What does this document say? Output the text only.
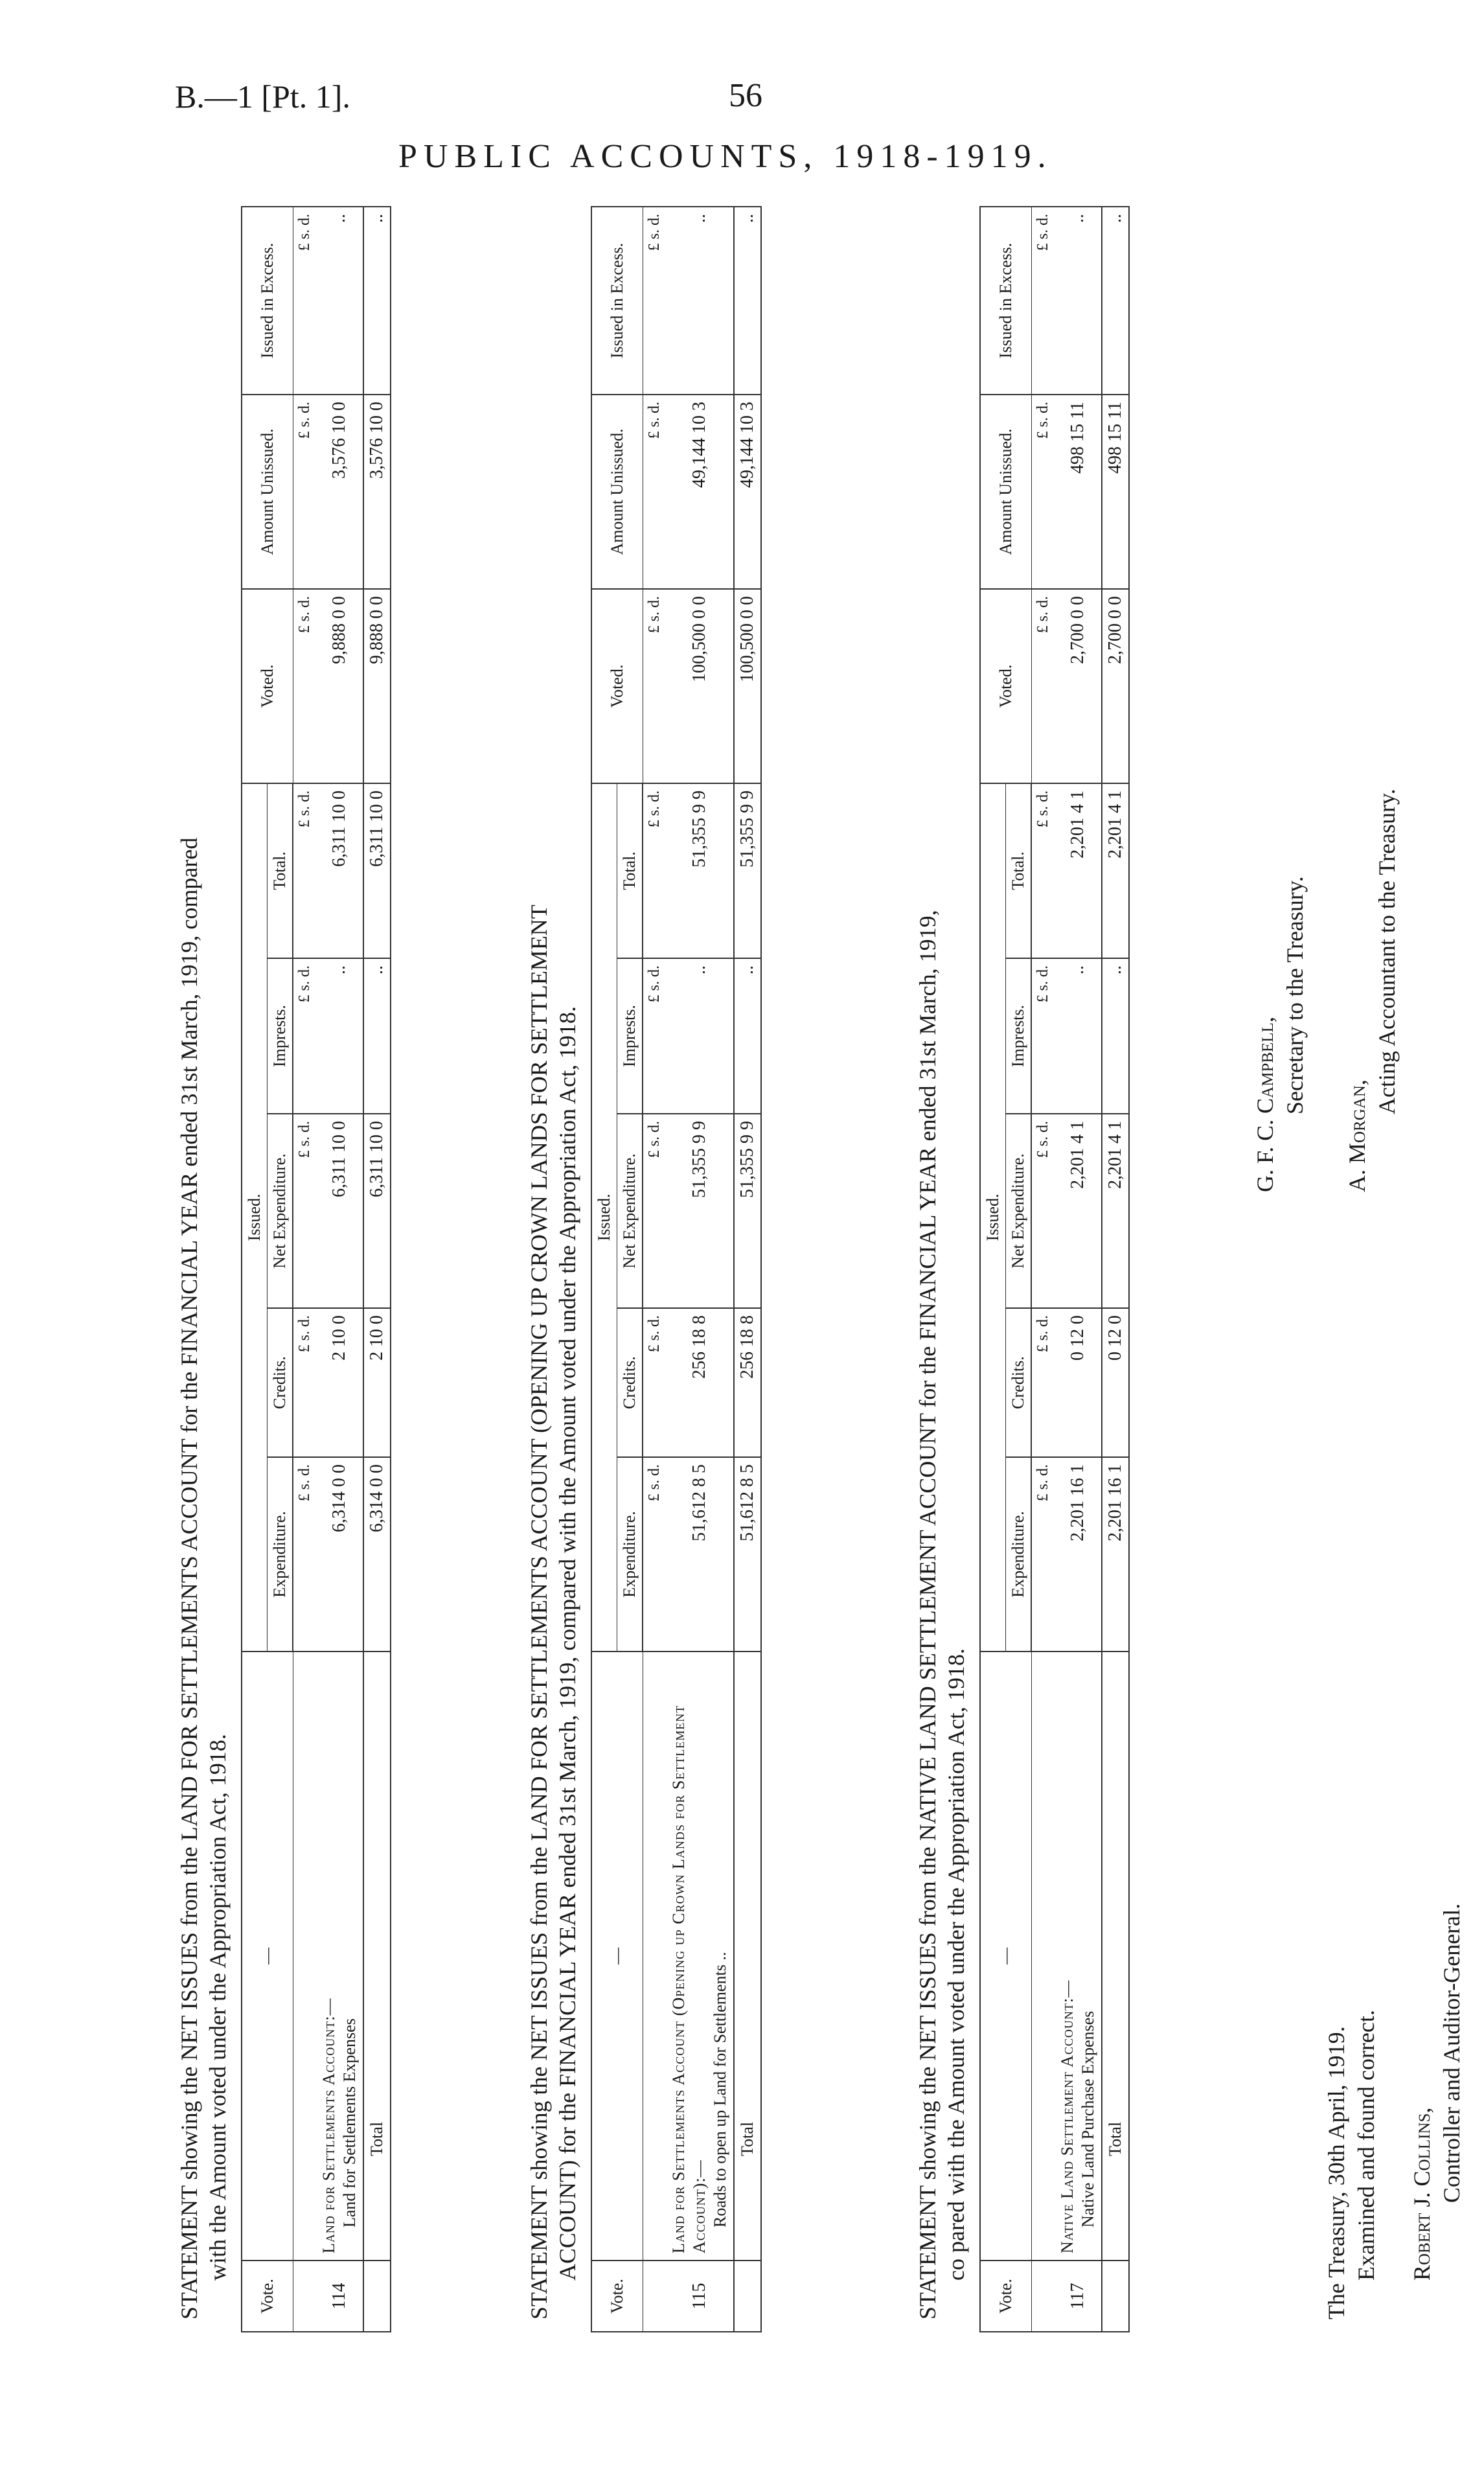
B.—1 [Pt. 1].	56
PUBLIC ACCOUNTS, 1918-1919.
STATEMENT showing the NET ISSUES from the LAND FOR SETTLEMENTS ACCOUNT for the FINANCIAL YEAR ended 31st March, 1919, compared with the Amount voted under the Appropriation Act, 1918.
Vote.	—	Issued.					Voted.	Amount Unissued.	Issued in Excess.
		Expenditure.	Credits.	Net Expenditure.	Imprests.	Total.			
		£ s. d.	£ s. d.	£ s. d.	£ s. d.	£ s. d.	£ s. d.	£ s. d.	£ s. d.
114	Land for Settlements Account:— Land for Settlements Expenses	6,314 0 0	2 10 0	6,311 10 0	..	6,311 10 0	9,888 0 0	3,576 10 0	..
	Total	6,314 0 0	2 10 0	6,311 10 0	..	6,311 10 0	9,888 0 0	3,576 10 0	..
STATEMENT showing the NET ISSUES from the LAND FOR SETTLEMENTS ACCOUNT (OPENING UP CROWN LANDS FOR SETTLEMENT ACCOUNT) for the FINANCIAL YEAR ended 31st March, 1919, compared with the Amount voted under the Appropriation Act, 1918.
Vote.	—	Issued.					Voted.	Amount Unissued.	Issued in Excess.
		Expenditure.	Credits.	Net Expenditure.	Imprests.	Total.			
		£ s. d.	£ s. d.	£ s. d.	£ s. d.	£ s. d.	£ s. d.	£ s. d.	£ s. d.
115	Land for Settlements Account (Opening up Crown Lands for Settlement Account):— Roads to open up Land for Settlements ..	51,612 8 5	256 18 8	51,355 9 9	..	51,355 9 9	100,500 0 0	49,144 10 3	..
	Total	51,612 8 5	256 18 8	51,355 9 9	..	51,355 9 9	100,500 0 0	49,144 10 3	..
STATEMENT showing the NET ISSUES from the NATIVE LAND SETTLEMENT ACCOUNT for the FINANCIAL YEAR ended 31st March, 1919, co pared with the Amount voted under the Appropriation Act, 1918.
Vote.	—	Issued.					Voted.	Amount Unissued.	Issued in Excess.
		Expenditure.	Credits.	Net Expenditure.	Imprests.	Total.			
		£ s. d.	£ s. d.	£ s. d.	£ s. d.	£ s. d.	£ s. d.	£ s. d.	£ s. d.
117	Native Land Settlement Account:— Native Land Purchase Expenses	2,201 16 1	0 12 0	2,201 4 1	..	2,201 4 1	2,700 0 0	498 15 11	..
	Total	2,201 16 1	0 12 0	2,201 4 1	..	2,201 4 1	2,700 0 0	498 15 11	..
The Treasury, 30th April, 1919. Examined and found correct. Robert J. Collins, Controller and Auditor-General.
G. F. C. Campbell, Secretary to the Treasury.
A. Morgan,
Acting Accountant to the Treasury.
